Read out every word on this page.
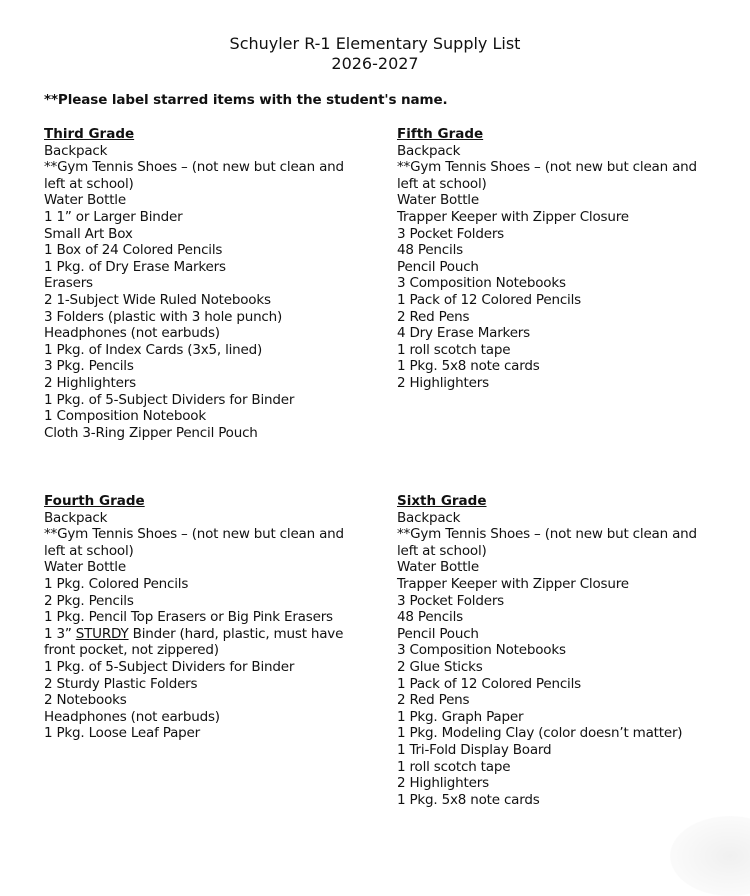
Schuyler R-1 Elementary Supply List
2026-2027
**Please label starred items with the student's name.
Third Grade
Backpack
**Gym Tennis Shoes – (not new but clean and left at school)
Water Bottle
1 1” or Larger Binder
Small Art Box
1 Box of 24 Colored Pencils
1 Pkg. of Dry Erase Markers
Erasers
2 1-Subject Wide Ruled Notebooks
3 Folders (plastic with 3 hole punch)
Headphones (not earbuds)
1 Pkg. of Index Cards (3x5, lined)
3 Pkg. Pencils
2 Highlighters
1 Pkg. of 5-Subject Dividers for Binder
1 Composition Notebook
Cloth 3-Ring Zipper Pencil Pouch
Fifth Grade
Backpack
**Gym Tennis Shoes – (not new but clean and left at school)
Water Bottle
Trapper Keeper with Zipper Closure
3 Pocket Folders
48 Pencils
Pencil Pouch
3 Composition Notebooks
1 Pack of 12 Colored Pencils
2 Red Pens
4 Dry Erase Markers
1 roll scotch tape
1 Pkg. 5x8 note cards
2 Highlighters
Fourth Grade
Backpack
**Gym Tennis Shoes – (not new but clean and left at school)
Water Bottle
1 Pkg. Colored Pencils
2 Pkg. Pencils
1 Pkg. Pencil Top Erasers or Big Pink Erasers
1 3” STURDY Binder (hard, plastic, must have front pocket, not zippered)
1 Pkg. of 5-Subject Dividers for Binder
2 Sturdy Plastic Folders
2 Notebooks
Headphones (not earbuds)
1 Pkg. Loose Leaf Paper
Sixth Grade
Backpack
**Gym Tennis Shoes – (not new but clean and left at school)
Water Bottle
Trapper Keeper with Zipper Closure
3 Pocket Folders
48 Pencils
Pencil Pouch
3 Composition Notebooks
2 Glue Sticks
1 Pack of 12 Colored Pencils
2 Red Pens
1 Pkg. Graph Paper
1 Pkg. Modeling Clay (color doesn’t matter)
1 Tri-Fold Display Board
1 roll scotch tape
2 Highlighters
1 Pkg. 5x8 note cards
